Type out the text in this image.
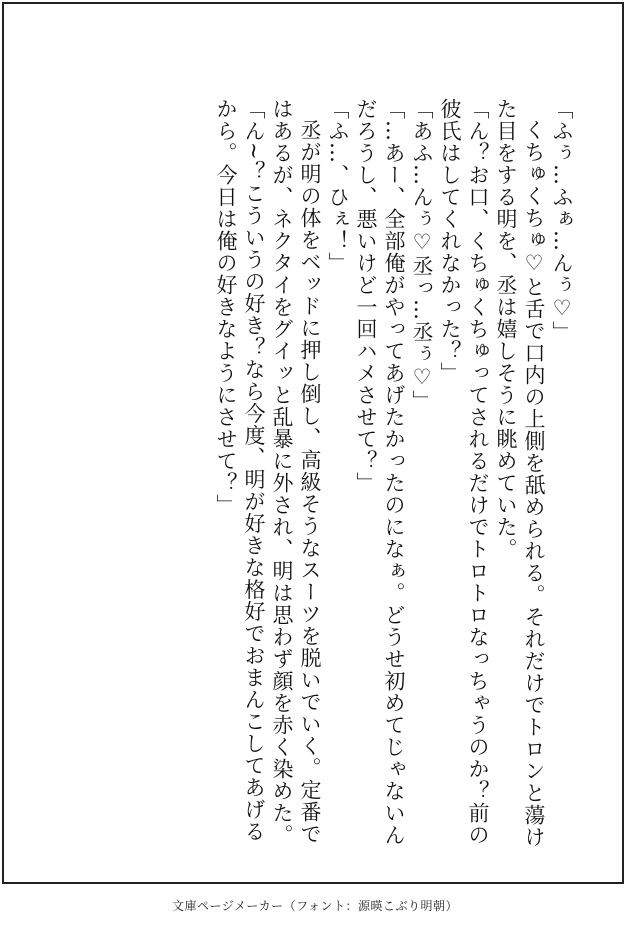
「ふぅ…ふぁ…んぅ♡」

くちゅくちゅ♡と舌で口内の上側を舐められる。それだけでトロンと蕩けた目をする明を、丞は嬉しそうに眺めていた。

「ん？お口、くちゅくちゅってされるだけでトロトロなっちゃうのか？前の彼氏はしてくれなかった？」

「あふ…んぅ♡丞っ…丞ぅ♡」

「…あー、全部俺がやってあげたかったのになぁ。どうせ初めてじゃないんだろうし、悪いけど一回ハメさせて？」

「ふ…、ひぇ！」

丞が明の体をベッドに押し倒し、高級そうなスーツを脱いでいく。定番ではあるが、ネクタイをグイッと乱暴に外され、明は思わず顔を赤く染めた。

「ん~？こういうの好き？なら今度、明が好きな格好でおまんこしてあげるから。今日は俺の好きなようにさせて？」

文庫ページメーカー（フォント：源暎こぶり明朝）
